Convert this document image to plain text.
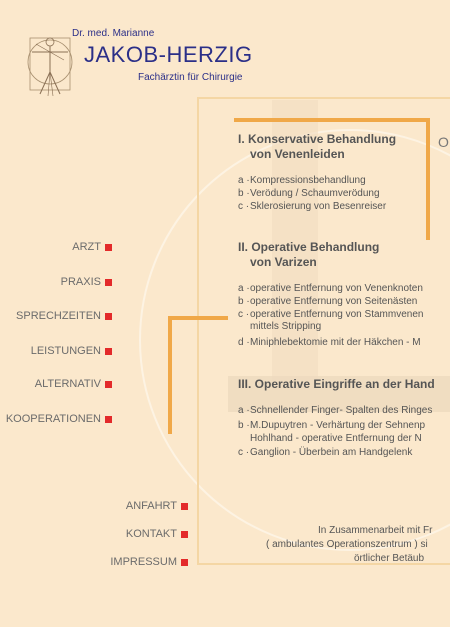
Dr. med. Marianne
JAKOB-HERZIG
Fachärztin für Chirurgie
ARZT
PRAXIS
SPRECHZEITEN
LEISTUNGEN
ALTERNATIV
KOOPERATIONEN
ANFAHRT
KONTAKT
IMPRESSUM
O
I. Konservative Behandlung
von Venenleiden
a ·Kompressionsbehandlung
b ·Verödung / Schaumverödung
c ·Sklerosierung von Besenreiser
II. Operative Behandlung
von Varizen
a ·operative Entfernung von Venenknoten
b ·operative Entfernung von Seitenästen
c ·operative Entfernung von Stammvenen
mittels Stripping
d ·Miniphlebektomie mit der Häkchen - M
III. Operative Eingriffe an der Hand
a ·Schnellender Finger- Spalten des Ringes
b ·M.Dupuytren - Verhärtung der Sehnenp
Hohlhand - operative Entfernung der N
c ·Ganglion - Überbein am Handgelenk
In Zusammenarbeit mit Fr
( ambulantes Operationszentrum ) si
örtlicher Betäub
